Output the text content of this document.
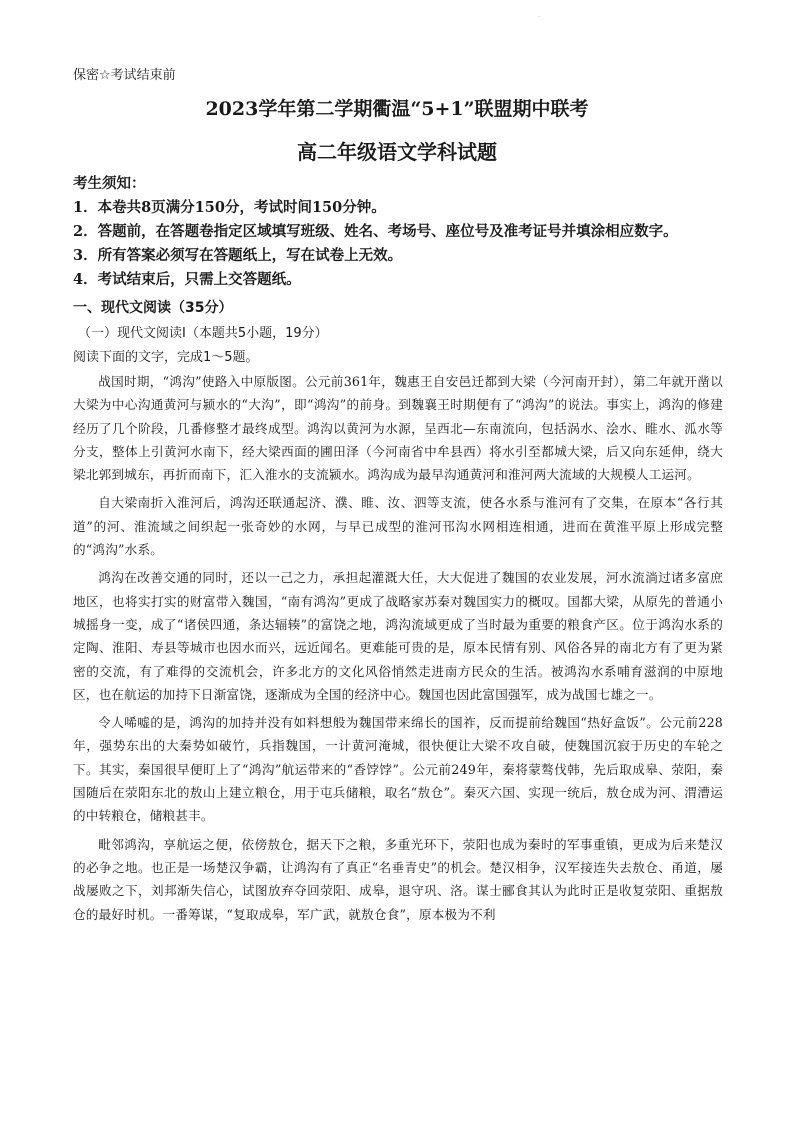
·
保密☆考试结束前
2023学年第二学期衢温“5+1”联盟期中联考
高二年级语文学科试题
考生须知：
1．本卷共8页满分150分，考试时间150分钟。
2．答题前，在答题卷指定区域填写班级、姓名、考场号、座位号及准考证号并填涂相应数字。
3．所有答案必须写在答题纸上，写在试卷上无效。
4．考试结束后，只需上交答题纸。
一、现代文阅读（35分）
（一）现代文阅读Ⅰ（本题共5小题，19分）
阅读下面的文字，完成1～5题。

战国时期，“鸿沟”使路入中原版图。公元前361年，魏惠王自安邑迁都到大梁（今河南开封），第二年就开凿以大梁为中心沟通黄河与颍水的“大沟”，即“鸿沟”的前身。到魏襄王时期便有了“鸿沟”的说法。事实上，鸿沟的修建经历了几个阶段，几番修整才最终成型。鸿沟以黄河为水源，呈西北—东南流向，包括涡水、浍水、睢水、泒水等分支，整体上引黄河水南下，经大梁西面的圃田泽（今河南省中牟县西）将水引至都城大梁，后又向东延伸，绕大梁北郭到城东，再折而南下，汇入淮水的支流颍水。鸿沟成为最早沟通黄河和淮河两大流域的大规模人工运河。

自大梁南折入淮河后，鸿沟还联通起济、濮、睢、汝、泗等支流，使各水系与淮河有了交集，在原本“各行其道”的河、淮流域之间织起一张奇妙的水网，与早已成型的淮河邗沟水网相连相通，进而在黄淮平原上形成完整的“鸿沟”水系。

鸿沟在改善交通的同时，还以一己之力，承担起灌溉大任，大大促进了魏国的农业发展，河水流淌过诸多富庶地区，也将实打实的财富带入魏国，“南有鸿沟”更成了战略家苏秦对魏国实力的概叹。国都大梁，从原先的普通小城摇身一变，成了“诸侯四通，条达辐辏”的富饶之地，鸿沟流域更成了当时最为重要的粮食产区。位于鸿沟水系的定陶、淮阳、寿县等城市也因水而兴，远近闻名。更难能可贵的是，原本民情有别、风俗各异的南北方有了更为紧密的交流，有了难得的交流机会，许多北方的文化风俗悄然走进南方民众的生活。被鸿沟水系哺育滋润的中原地区，也在航运的加持下日渐富饶，逐渐成为全国的经济中心。魏国也因此富国强军，成为战国七雄之一。

令人唏嘘的是，鸿沟的加持并没有如料想般为魏国带来绵长的国祚，反而提前给魏国“热好盒饭”。公元前228年，强势东出的大秦势如破竹，兵指魏国，一计黄河淹城，很快便让大梁不攻自破，使魏国沉寂于历史的车轮之下。其实，秦国很早便盯上了“鸿沟”航运带来的“香饽饽”。公元前249年，秦将蒙骜伐韩，先后取成皋、荥阳，秦国随后在荥阳东北的敖山上建立粮仓，用于屯兵储粮，取名“敖仓”。秦灭六国、实现一统后，敖仓成为河、渭漕运的中转粮仓，储粮甚丰。

毗邻鸿沟，享航运之便，依傍敖仓，据天下之粮，多重光环下，荥阳也成为秦时的军事重镇，更成为后来楚汉的必争之地。也正是一场楚汉争霸，让鸿沟有了真正“名垂青史”的机会。楚汉相争，汉军接连失去敖仓、甬道，屡战屡败之下，刘邦渐失信心，试图放弃夺回荥阳、成皋，退守巩、洛。谋士郦食其认为此时正是收复荥阳、重据敖仓的最好时机。一番筹谋，“复取成皋，军广武，就敖仓食”，原本极为不利
